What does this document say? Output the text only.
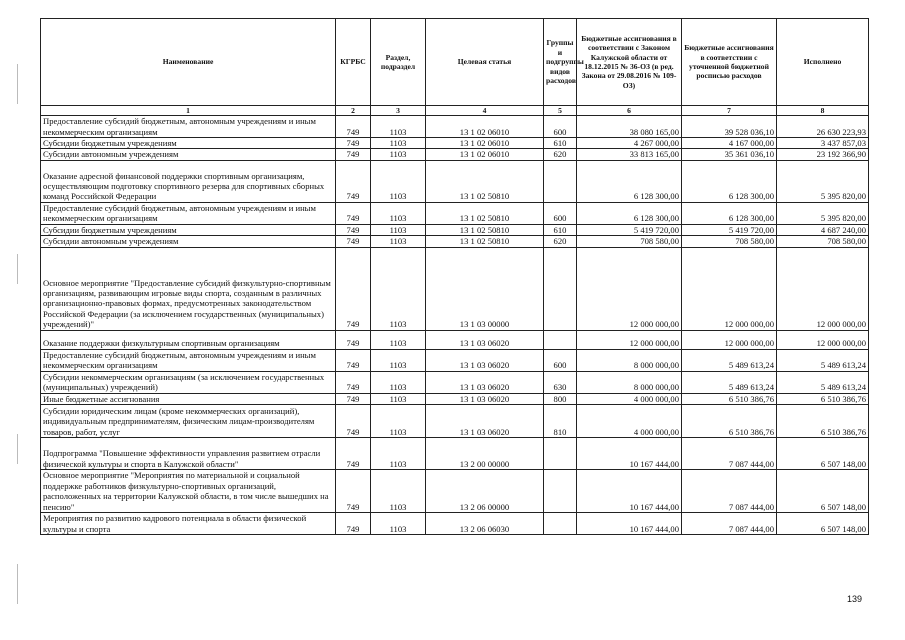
Наименование	КГРБС	Раздел, подраздел	Целевая статья	Группы и подгруппы видов расходов	Бюджетные ассигнования в соответствии с Законом Калужской области от 18.12.2015 № 36-ОЗ (в ред. Закона от 29.08.2016 № 109-ОЗ)	Бюджетные ассигнования в соответствии с уточненной бюджетной росписью расходов	Исполнено
1	2	3	4	5	6	7	8
Предоставление субсидий бюджетным, автономным учреждениям и иным некоммерческим организациям	749	1103	13 1 02 06010	600	38 080 165,00	39 528 036,10	26 630 223,93
Субсидии бюджетным учреждениям	749	1103	13 1 02 06010	610	4 267 000,00	4 167 000,00	3 437 857,03
Субсидии автономным учреждениям	749	1103	13 1 02 06010	620	33 813 165,00	35 361 036,10	23 192 366,90
Оказание адресной финансовой поддержки спортивным организациям, осуществляющим подготовку спортивного резерва для спортивных сборных команд Российской Федерации	749	1103	13 1 02 50810		6 128 300,00	6 128 300,00	5 395 820,00
Предоставление субсидий бюджетным, автономным учреждениям и иным некоммерческим организациям	749	1103	13 1 02 50810	600	6 128 300,00	6 128 300,00	5 395 820,00
Субсидии бюджетным учреждениям	749	1103	13 1 02 50810	610	5 419 720,00	5 419 720,00	4 687 240,00
Субсидии автономным учреждениям	749	1103	13 1 02 50810	620	708 580,00	708 580,00	708 580,00
Основное мероприятие "Предоставление субсидий физкультурно-спортивным организациям, развивающим игровые виды спорта, созданным в различных организационно-правовых формах, предусмотренных законодательством Российской Федерации (за исключением государственных (муниципальных) учреждений)"	749	1103	13 1 03 00000		12 000 000,00	12 000 000,00	12 000 000,00
Оказание поддержки физкультурным спортивным организациям	749	1103	13 1 03 06020		12 000 000,00	12 000 000,00	12 000 000,00
Предоставление субсидий бюджетным, автономным учреждениям и иным некоммерческим организациям	749	1103	13 1 03 06020	600	8 000 000,00	5 489 613,24	5 489 613,24
Субсидии некоммерческим организациям (за исключением государственных (муниципальных) учреждений)	749	1103	13 1 03 06020	630	8 000 000,00	5 489 613,24	5 489 613,24
Иные бюджетные ассигнования	749	1103	13 1 03 06020	800	4 000 000,00	6 510 386,76	6 510 386,76
Субсидии юридическим лицам (кроме некоммерческих организаций), индивидуальным предпринимателям, физическим лицам-производителям товаров, работ, услуг	749	1103	13 1 03 06020	810	4 000 000,00	6 510 386,76	6 510 386,76
Подпрограмма "Повышение эффективности управления развитием отрасли физической культуры и спорта в Калужской области"	749	1103	13 2 00 00000		10 167 444,00	7 087 444,00	6 507 148,00
Основное мероприятие "Мероприятия по материальной и социальной поддержке работников физкультурно-спортивных организаций, расположенных на территории Калужской области, в том числе вышедших на пенсию"	749	1103	13 2 06 00000		10 167 444,00	7 087 444,00	6 507 148,00
Мероприятия по развитию кадрового потенциала в области физической культуры и спорта	749	1103	13 2 06 06030		10 167 444,00	7 087 444,00	6 507 148,00
139
